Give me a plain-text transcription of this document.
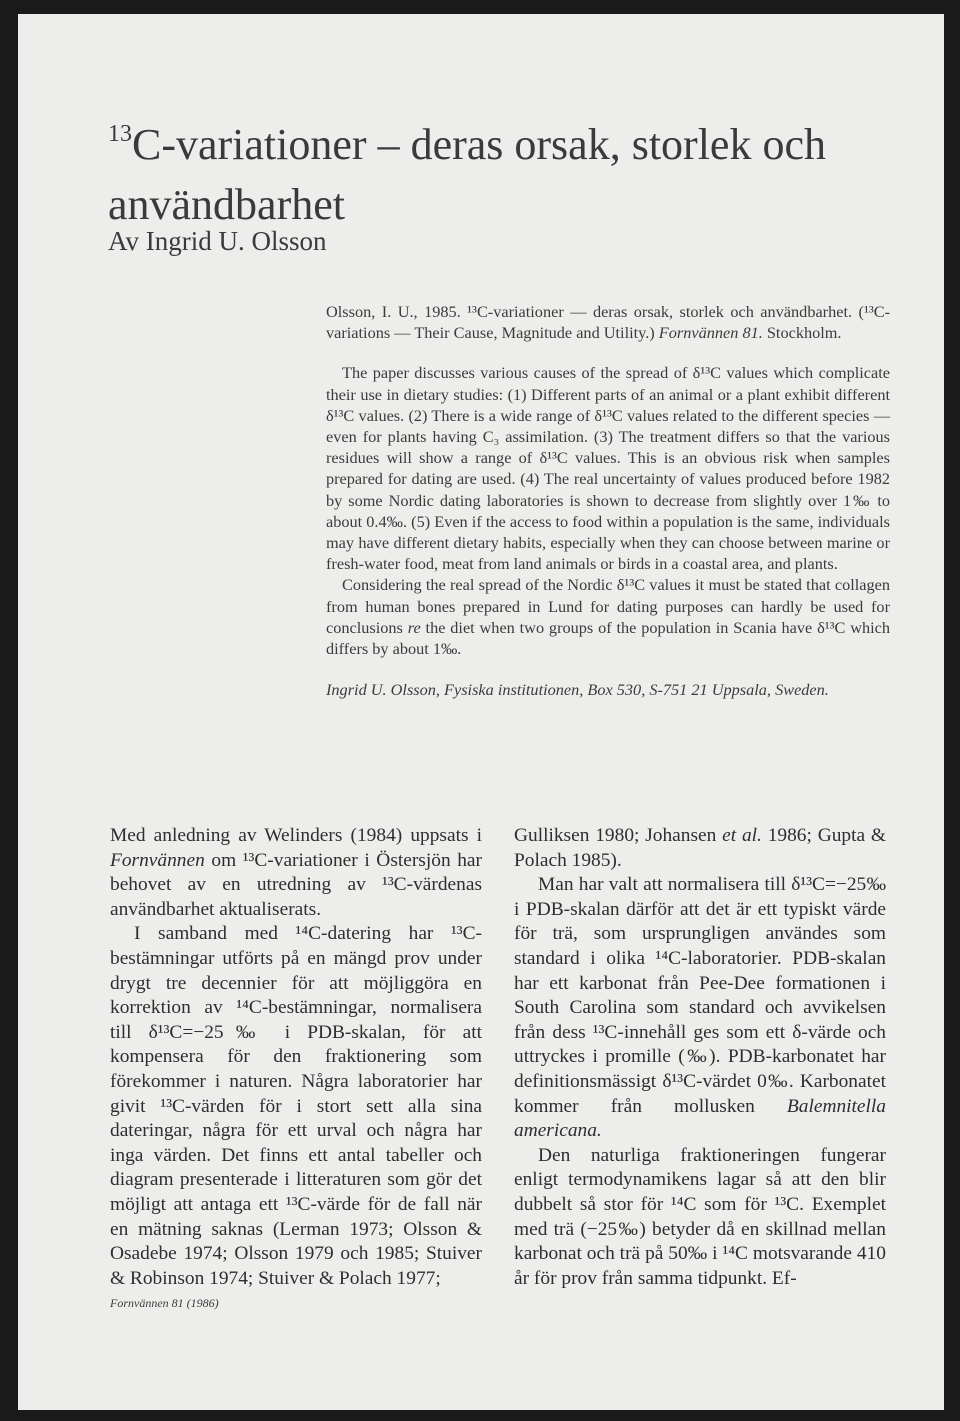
$^{13}$C-variationer – deras orsak, storlek och användbarhet
Av Ingrid U. Olsson

Olsson, I. U., 1985. ¹³C-variationer — deras orsak, storlek och användbarhet. (¹³C-variations — Their Cause, Magnitude and Utility.) Fornvännen 81. Stockholm.

The paper discusses various causes of the spread of δ¹³C values which complicate their use in dietary studies: (1) Different parts of an animal or a plant exhibit different δ¹³C values. (2) There is a wide range of δ¹³C values related to the different species — even for plants having C₃ assimilation. (3) The treatment differs so that the various residues will show a range of δ¹³C values. This is an obvious risk when samples prepared for dating are used. (4) The real uncertainty of values produced before 1982 by some Nordic dating laboratories is shown to decrease from slightly over 1‰ to about 0.4‰. (5) Even if the access to food within a population is the same, individuals may have different dietary habits, especially when they can choose between marine or fresh-water food, meat from land animals or birds in a coastal area, and plants.

Considering the real spread of the Nordic δ¹³C values it must be stated that collagen from human bones prepared in Lund for dating purposes can hardly be used for conclusions re the diet when two groups of the population in Scania have δ¹³C which differs by about 1‰.

Ingrid U. Olsson, Fysiska institutionen, Box 530, S-751 21 Uppsala, Sweden.

Med anledning av Welinders (1984) uppsats i Fornvännen om ¹³C-variationer i Östersjön har behovet av en utredning av ¹³C-värdenas användbarhet aktualiserats.

I samband med ¹⁴C-datering har ¹³C-bestämningar utförts på en mängd prov under drygt tre decennier för att möjliggöra en korrektion av ¹⁴C-bestämningar, normalisera till δ¹³C=−25‰ i PDB-skalan, för att kompensera för den fraktionering som förekommer i naturen. Några laboratorier har givit ¹³C-värden för i stort sett alla sina dateringar, några för ett urval och några har inga värden. Det finns ett antal tabeller och diagram presenterade i litteraturen som gör det möjligt att antaga ett ¹³C-värde för de fall när en mätning saknas (Lerman 1973; Olsson & Osadebe 1974; Olsson 1979 och 1985; Stuiver & Robinson 1974; Stuiver & Polach 1977;

Gulliksen 1980; Johansen et al. 1986; Gupta & Polach 1985).

Man har valt att normalisera till δ¹³C=−25‰ i PDB-skalan därför att det är ett typiskt värde för trä, som ursprungligen användes som standard i olika ¹⁴C-laboratorier. PDB-skalan har ett karbonat från Pee-Dee formationen i South Carolina som standard och avvikelsen från dess ¹³C-innehåll ges som ett δ-värde och uttryckes i promille (‰). PDB-karbonatet har definitionsmässigt δ¹³C-värdet 0‰. Karbonatet kommer från mollusken Balemnitella americana.

Den naturliga fraktioneringen fungerar enligt termodynamikens lagar så att den blir dubbelt så stor för ¹⁴C som för ¹³C. Exemplet med trä (−25‰) betyder då en skillnad mellan karbonat och trä på 50‰ i ¹⁴C motsvarande 410 år för prov från samma tidpunkt. Ef-

Fornvännen 81 (1986)
